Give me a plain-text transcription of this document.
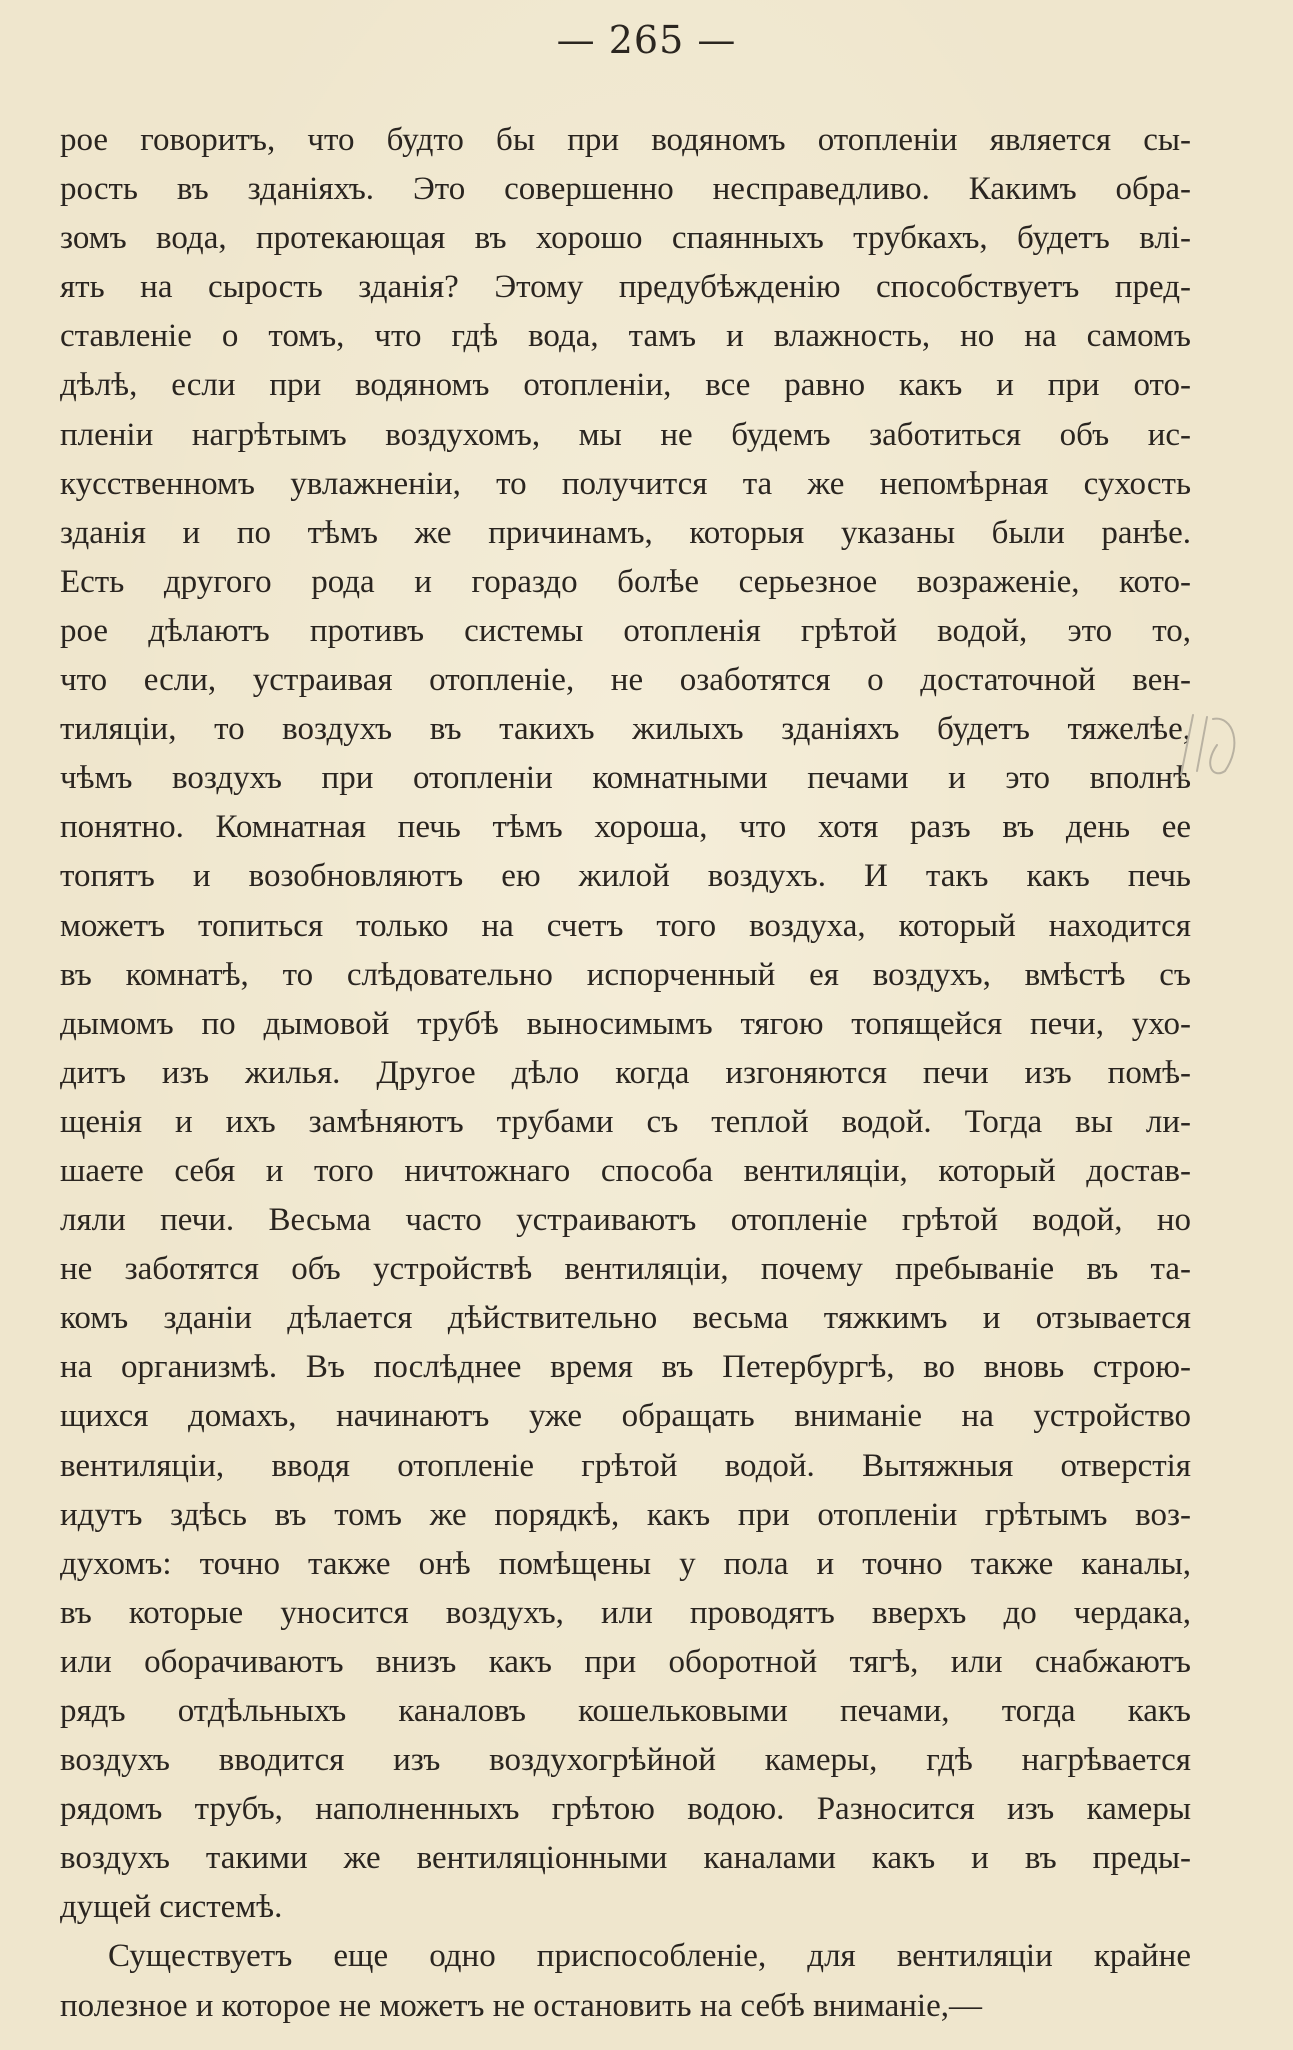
— 265 —
рое говоритъ, что будто бы при водяномъ отопленіи является сы-
рость въ зданіяхъ. Это совершенно несправедливо. Какимъ обра-
зомъ вода, протекающая въ хорошо спаянныхъ трубкахъ, будетъ влі-
ять на сырость зданія? Этому предубѣжденію способствуетъ пред-
ставленіе о томъ, что гдѣ вода, тамъ и влажность, но на самомъ
дѣлѣ, если при водяномъ отопленіи, все равно какъ и при ото-
пленіи нагрѣтымъ воздухомъ, мы не будемъ заботиться объ ис-
кусственномъ увлажненіи, то получится та же непомѣрная сухость
зданія и по тѣмъ же причинамъ, которыя указаны были ранѣе.
Есть другого рода и гораздо болѣе серьезное возраженіе, кото-
рое дѣлаютъ противъ системы отопленія грѣтой водой, это то,
что если, устраивая отопленіе, не озаботятся о достаточной вен-
тиляціи, то воздухъ въ такихъ жилыхъ зданіяхъ будетъ тяжелѣе,
чѣмъ воздухъ при отопленіи комнатными печами и это вполнѣ
понятно. Комнатная печь тѣмъ хороша, что хотя разъ въ день ее
топятъ и возобновляютъ ею жилой воздухъ. И такъ какъ печь
можетъ топиться только на счетъ того воздуха, который находится
въ комнатѣ, то слѣдовательно испорченный ея воздухъ, вмѣстѣ съ
дымомъ по дымовой трубѣ выносимымъ тягою топящейся печи, ухо-
дитъ изъ жилья. Другое дѣло когда изгоняются печи изъ помѣ-
щенія и ихъ замѣняютъ трубами съ теплой водой. Тогда вы ли-
шаете себя и того ничтожнаго способа вентиляціи, который достав-
ляли печи. Весьма часто устраиваютъ отопленіе грѣтой водой, но
не заботятся объ устройствѣ вентиляціи, почему пребываніе въ та-
комъ зданіи дѣлается дѣйствительно весьма тяжкимъ и отзывается
на организмѣ. Въ послѣднее время въ Петербургѣ, во вновь строю-
щихся домахъ, начинаютъ уже обращать вниманіе на устройство
вентиляціи, вводя отопленіе грѣтой водой. Вытяжныя отверстія
идутъ здѣсь въ томъ же порядкѣ, какъ при отопленіи грѣтымъ воз-
духомъ: точно также онѣ помѣщены у пола и точно также каналы,
въ которые уносится воздухъ, или проводятъ вверхъ до чердака,
или оборачиваютъ внизъ какъ при оборотной тягѣ, или снабжаютъ
рядъ отдѣльныхъ каналовъ кошельковыми печами, тогда какъ
воздухъ вводится изъ воздухогрѣйной камеры, гдѣ нагрѣвается
рядомъ трубъ, наполненныхъ грѣтою водою. Разносится изъ камеры
воздухъ такими же вентиляціонными каналами какъ и въ преды-
дущей системѣ.
Существуетъ еще одно приспособленіе, для вентиляціи крайне
полезное и которое не можетъ не остановить на себѣ вниманіе,—
